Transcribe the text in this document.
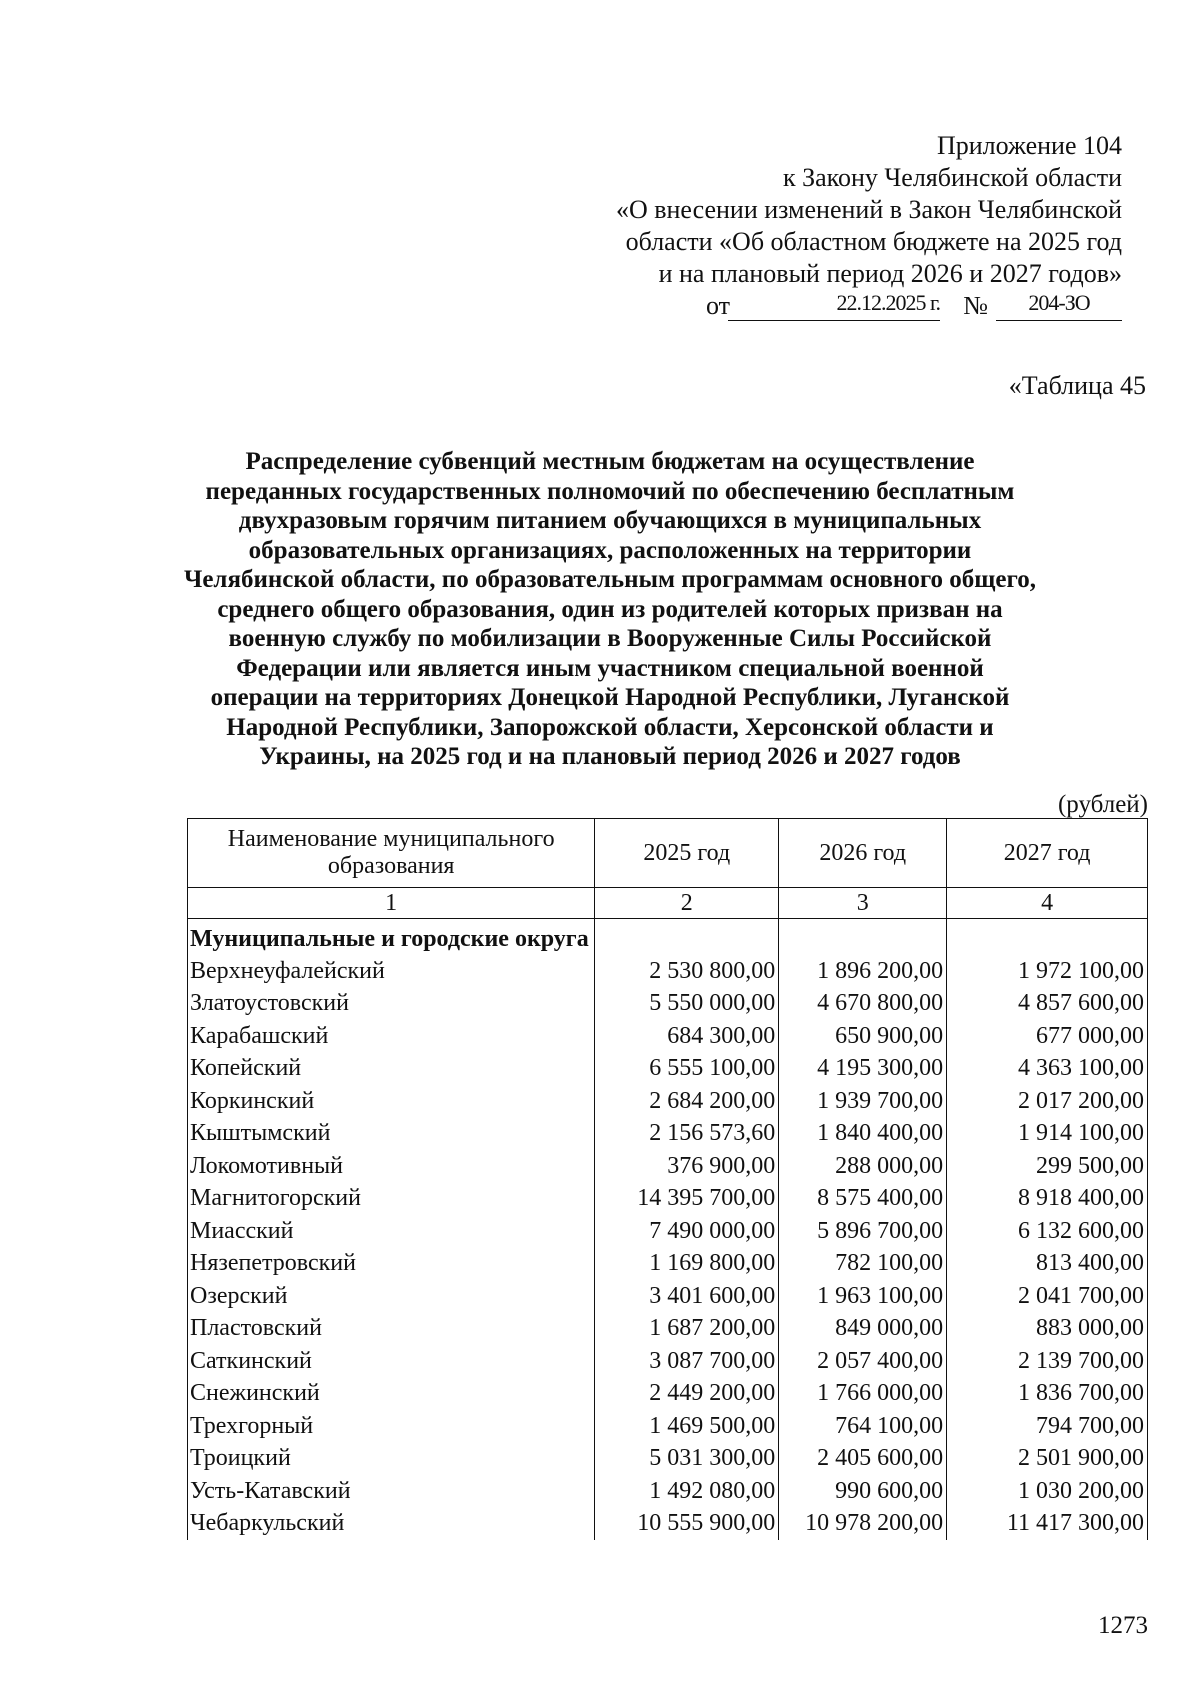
Приложение 104
к Закону Челябинской области
«О внесении изменений в Закон Челябинской
области «Об областном бюджете на 2025 год
и на плановый период 2026 и 2027 годов»
от	22.12.2025 г. №	204-ЗО
«Таблица 45
Распределение субвенций местным бюджетам на осуществление переданных государственных полномочий по обеспечению бесплатным двухразовым горячим питанием обучающихся в муниципальных образовательных организациях, расположенных на территории Челябинской области, по образовательным программам основного общего, среднего общего образования, один из родителей которых призван на военную службу по мобилизации в Вооруженные Силы Российской Федерации или является иным участником специальной военной операции на территориях Донецкой Народной Республики, Луганской Народной Республики, Запорожской области, Херсонской области и Украины, на 2025 год и на плановый период 2026 и 2027 годов
(рублей)
Наименование муниципального образования	2025 год	2026 год	2027 год
1	2	3	4
Муниципальные и городские округа			
Верхнеуфалейский	2 530 800,00	1 896 200,00	1 972 100,00
Златоустовский	5 550 000,00	4 670 800,00	4 857 600,00
Карабашский	684 300,00	650 900,00	677 000,00
Копейский	6 555 100,00	4 195 300,00	4 363 100,00
Коркинский	2 684 200,00	1 939 700,00	2 017 200,00
Кыштымский	2 156 573,60	1 840 400,00	1 914 100,00
Локомотивный	376 900,00	288 000,00	299 500,00
Магнитогорский	14 395 700,00	8 575 400,00	8 918 400,00
Миасский	7 490 000,00	5 896 700,00	6 132 600,00
Нязепетровский	1 169 800,00	782 100,00	813 400,00
Озерский	3 401 600,00	1 963 100,00	2 041 700,00
Пластовский	1 687 200,00	849 000,00	883 000,00
Саткинский	3 087 700,00	2 057 400,00	2 139 700,00
Снежинский	2 449 200,00	1 766 000,00	1 836 700,00
Трехгорный	1 469 500,00	764 100,00	794 700,00
Троицкий	5 031 300,00	2 405 600,00	2 501 900,00
Усть-Катавский	1 492 080,00	990 600,00	1 030 200,00
Чебаркульский	10 555 900,00	10 978 200,00	11 417 300,00
1273
